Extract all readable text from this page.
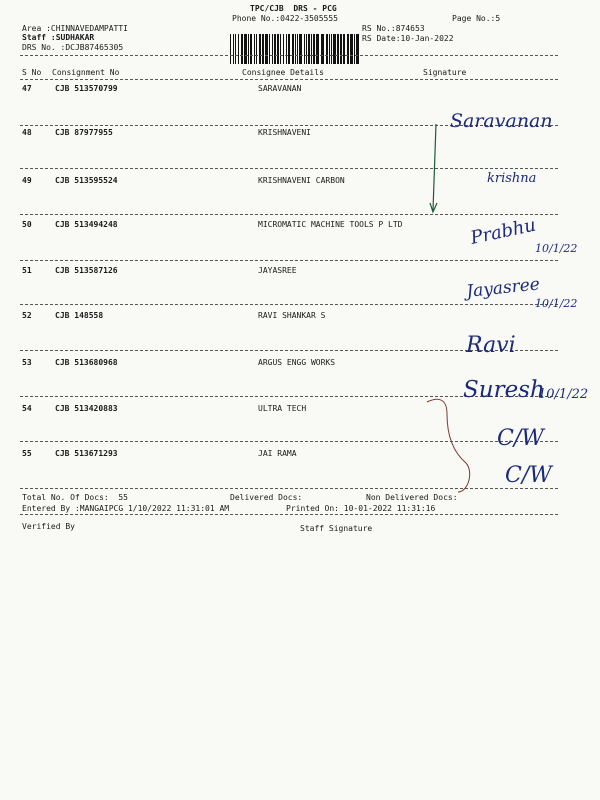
TPC/CJB  DRS - PCG
Phone No.:0422-3505555	Page No.:5
Area :CHINNAVEDAMPATTI
Staff :SUDHAKAR
DRS No. :DCJB87465305
RS No.:874653
RS Date:10-Jan-2022
S No Consignment No	Consignee Details	Signature
47	CJB 513570799	SARAVANAN
48	CJB 87977955	KRISHNAVENI
49	CJB 513595524	KRISHNAVENI CARBON
50	CJB 513494248	MICROMATIC MACHINE TOOLS P LTD
51	CJB 513587126	JAYASREE
52	CJB 148558	RAVI SHANKAR S
53	CJB 513680968	ARGUS ENGG WORKS
54	CJB 513420883	ULTRA TECH
55	CJB 513671293	JAI RAMA
Total No. Of Docs:  55	Delivered Docs:	Non Delivered Docs:
Entered By :MANGAIPCG 1/10/2022 11:31:01 AM	Printed On: 10-01-2022 11:31:16
Verified By	Staff Signature
Saravanan
krishna
Prabhu
10/1/22
Jayasree
10/1/22
Ravi
Suresh
10/1/22
C/W
C/W
